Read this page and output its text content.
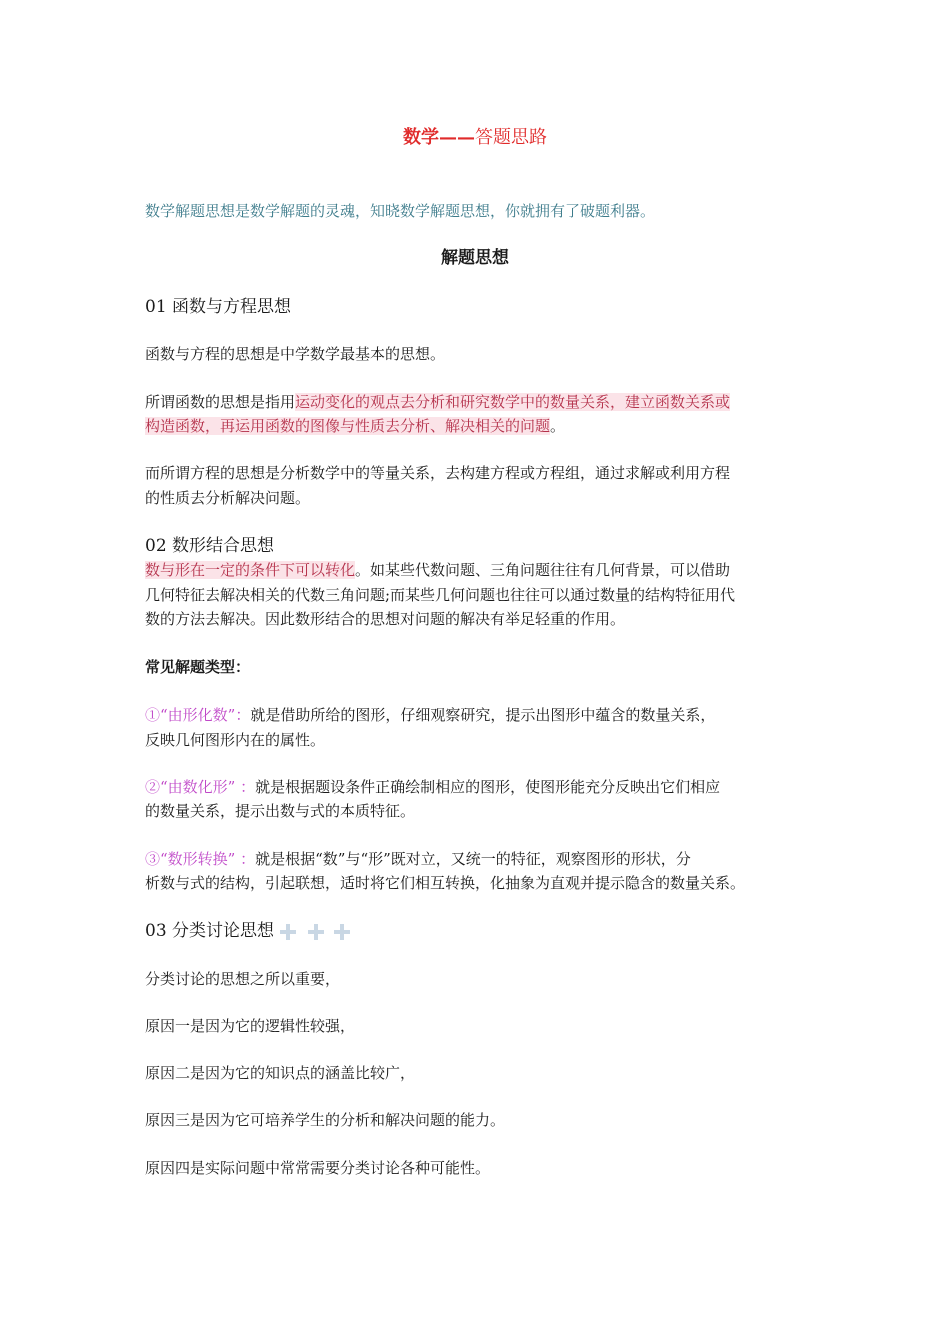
数学——答题思路
数学解题思想是数学解题的灵魂，知晓数学解题思想，你就拥有了破题利器。
解题思想
01 函数与方程思想
函数与方程的思想是中学数学最基本的思想。
所谓函数的思想是指用运动变化的观点去分析和研究数学中的数量关系，建立函数关系或
构造函数，再运用函数的图像与性质去分析、解决相关的问题。
而所谓方程的思想是分析数学中的等量关系，去构建方程或方程组，通过求解或利用方程
的性质去分析解决问题。
02 数形结合思想
数与形在一定的条件下可以转化。如某些代数问题、三角问题往往有几何背景，可以借助
几何特征去解决相关的代数三角问题;而某些几何问题也往往可以通过数量的结构特征用代
数的方法去解决。因此数形结合的思想对问题的解决有举足轻重的作用。
常见解题类型：
①“由形化数”：就是借助所给的图形，仔细观察研究，提示出图形中蕴含的数量关系，
反映几何图形内在的属性。
②“由数化形” ：就是根据题设条件正确绘制相应的图形，使图形能充分反映出它们相应
的数量关系，提示出数与式的本质特征。
③“数形转换” ：就是根据“数”与“形”既对立，又统一的特征，观察图形的形状，分
析数与式的结构，引起联想，适时将它们相互转换，化抽象为直观并提示隐含的数量关系。
03 分类讨论思想
分类讨论的思想之所以重要，
原因一是因为它的逻辑性较强，
原因二是因为它的知识点的涵盖比较广，
原因三是因为它可培养学生的分析和解决问题的能力。
原因四是实际问题中常常需要分类讨论各种可能性。
